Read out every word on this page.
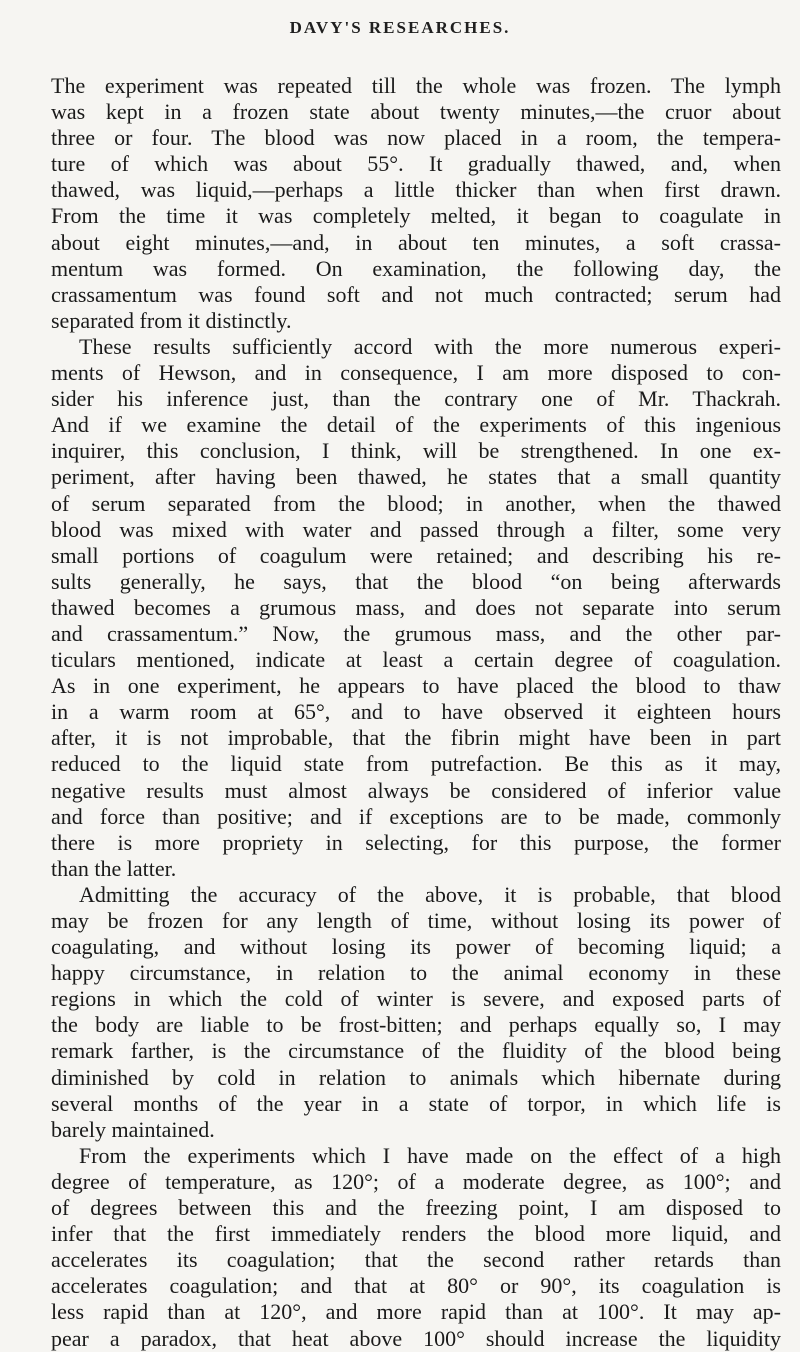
DAVY'S RESEARCHES.
The experiment was repeated till the whole was frozen. The lymph
was kept in a frozen state about twenty minutes,—the cruor about
three or four. The blood was now placed in a room, the tempera-
ture of which was about 55°. It gradually thawed, and, when
thawed, was liquid,—perhaps a little thicker than when first drawn.
From the time it was completely melted, it began to coagulate in
about eight minutes,—and, in about ten minutes, a soft crassa-
mentum was formed. On examination, the following day, the
crassamentum was found soft and not much contracted; serum had
separated from it distinctly.
These results sufficiently accord with the more numerous experi-
ments of Hewson, and in consequence, I am more disposed to con-
sider his inference just, than the contrary one of Mr. Thackrah.
And if we examine the detail of the experiments of this ingenious
inquirer, this conclusion, I think, will be strengthened. In one ex-
periment, after having been thawed, he states that a small quantity
of serum separated from the blood; in another, when the thawed
blood was mixed with water and passed through a filter, some very
small portions of coagulum were retained; and describing his re-
sults generally, he says, that the blood “on being afterwards
thawed becomes a grumous mass, and does not separate into serum
and crassamentum.” Now, the grumous mass, and the other par-
ticulars mentioned, indicate at least a certain degree of coagulation.
As in one experiment, he appears to have placed the blood to thaw
in a warm room at 65°, and to have observed it eighteen hours
after, it is not improbable, that the fibrin might have been in part
reduced to the liquid state from putrefaction. Be this as it may,
negative results must almost always be considered of inferior value
and force than positive; and if exceptions are to be made, commonly
there is more propriety in selecting, for this purpose, the former
than the latter.
Admitting the accuracy of the above, it is probable, that blood
may be frozen for any length of time, without losing its power of
coagulating, and without losing its power of becoming liquid; a
happy circumstance, in relation to the animal economy in these
regions in which the cold of winter is severe, and exposed parts of
the body are liable to be frost-bitten; and perhaps equally so, I may
remark farther, is the circumstance of the fluidity of the blood being
diminished by cold in relation to animals which hibernate during
several months of the year in a state of torpor, in which life is
barely maintained.
From the experiments which I have made on the effect of a high
degree of temperature, as 120°; of a moderate degree, as 100°; and
of degrees between this and the freezing point, I am disposed to
infer that the first immediately renders the blood more liquid, and
accelerates its coagulation; that the second rather retards than
accelerates coagulation; and that at 80° or 90°, its coagulation is
less rapid than at 120°, and more rapid than at 100°. It may ap-
pear a paradox, that heat above 100° should increase the liquidity
